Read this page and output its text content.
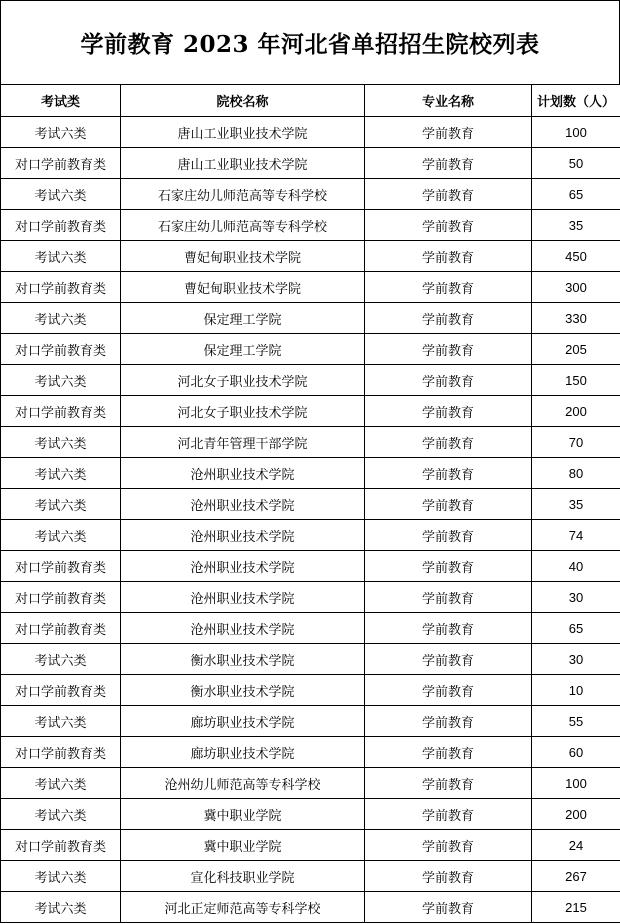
学前教育 2023 年河北省单招招生院校列表
考试类	院校名称	专业名称	计划数（人）
考试六类	唐山工业职业技术学院	学前教育	100
对口学前教育类	唐山工业职业技术学院	学前教育	50
考试六类	石家庄幼儿师范高等专科学校	学前教育	65
对口学前教育类	石家庄幼儿师范高等专科学校	学前教育	35
考试六类	曹妃甸职业技术学院	学前教育	450
对口学前教育类	曹妃甸职业技术学院	学前教育	300
考试六类	保定理工学院	学前教育	330
对口学前教育类	保定理工学院	学前教育	205
考试六类	河北女子职业技术学院	学前教育	150
对口学前教育类	河北女子职业技术学院	学前教育	200
考试六类	河北青年管理干部学院	学前教育	70
考试六类	沧州职业技术学院	学前教育	80
考试六类	沧州职业技术学院	学前教育	35
考试六类	沧州职业技术学院	学前教育	74
对口学前教育类	沧州职业技术学院	学前教育	40
对口学前教育类	沧州职业技术学院	学前教育	30
对口学前教育类	沧州职业技术学院	学前教育	65
考试六类	衡水职业技术学院	学前教育	30
对口学前教育类	衡水职业技术学院	学前教育	10
考试六类	廊坊职业技术学院	学前教育	55
对口学前教育类	廊坊职业技术学院	学前教育	60
考试六类	沧州幼儿师范高等专科学校	学前教育	100
考试六类	冀中职业学院	学前教育	200
对口学前教育类	冀中职业学院	学前教育	24
考试六类	宣化科技职业学院	学前教育	267
考试六类	河北正定师范高等专科学校	学前教育	215
